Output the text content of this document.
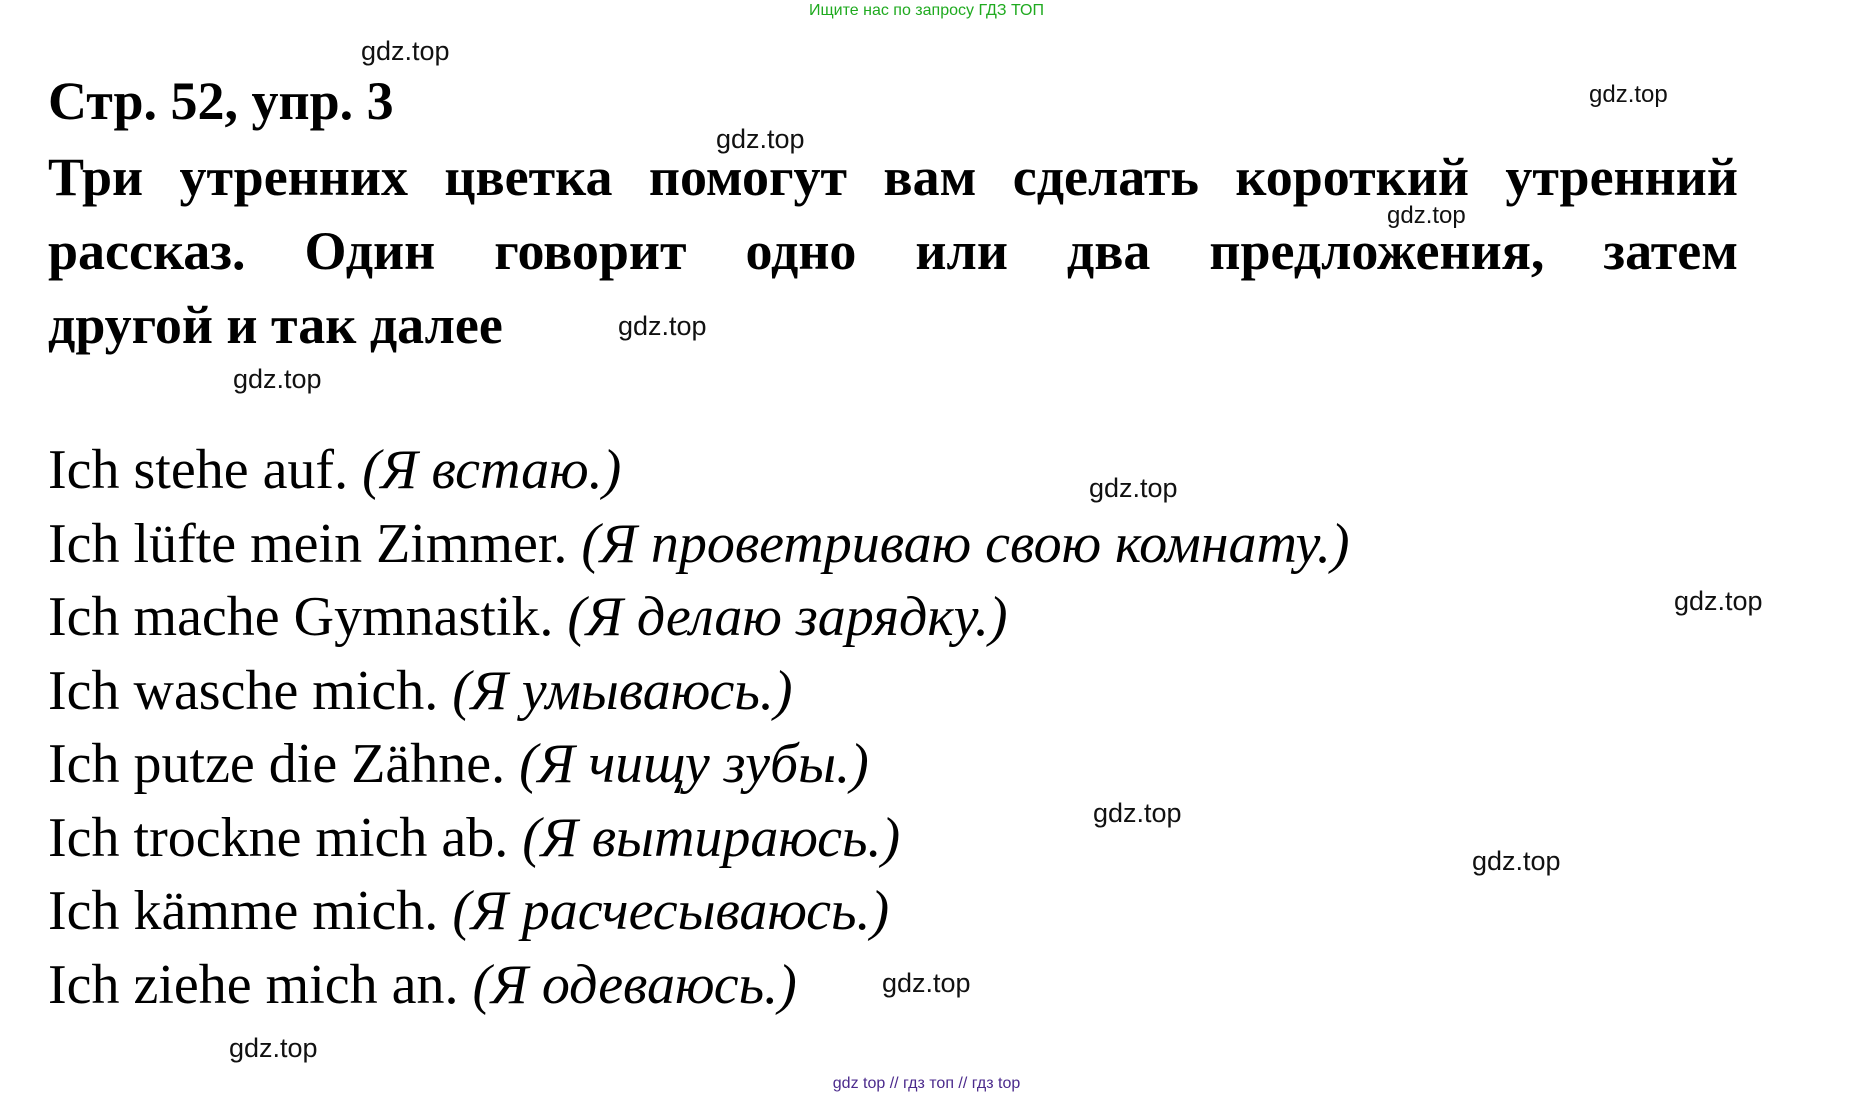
Ищите нас по запросу ГДЗ ТОП
Стр. 52, упр. 3
Три утренних цветка помогут вам сделать короткий утренний
рассказ. Один говорит одно или два предложения, затем
другой и так далее
Ich stehe auf. (Я встаю.)
Ich lüfte mein Zimmer. (Я проветриваю свою комнату.)
Ich mache Gymnastik. (Я делаю зарядку.)
Ich wasche mich. (Я умываюсь.)
Ich putze die Zähne. (Я чищу зубы.)
Ich trockne mich ab. (Я вытираюсь.)
Ich kämme mich. (Я расчесываюсь.)
Ich ziehe mich an. (Я одеваюсь.)
gdz.top
gdz.top
gdz.top
gdz.top
gdz.top
gdz.top
gdz.top
gdz.top
gdz.top
gdz.top
gdz.top
gdz.top
gdz top // гдз топ // гдз top
